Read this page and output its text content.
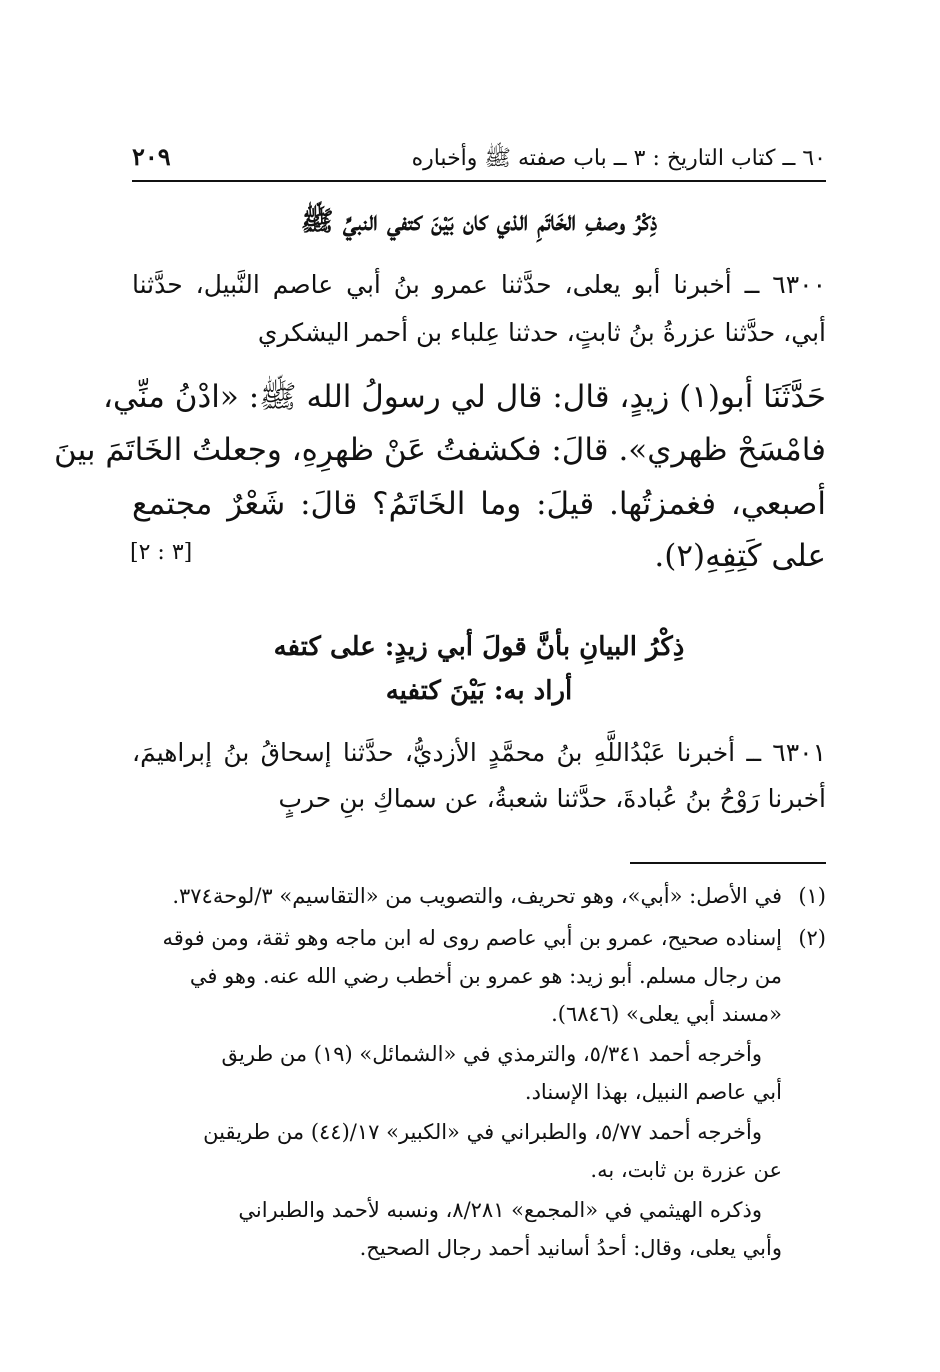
٦٠ ــ كتاب التاريخ : ٣ ــ باب صفته ﷺ وأخباره
٢٠٩
ذِكْرُ وصفِ الخَاتَمِ الذي كان بَيْنَ كتفي النبيِّ ﷺ
٦٣٠٠ ــ أخبرنا أبو يعلى، حدَّثنا عمرو بنُ أبي عاصم النَّبيل، حدَّثنا
أبي، حدَّثنا عزرةُ بنُ ثابتٍ، حدثنا عِلباء بن أحمر اليشكري
حَدَّثَنَا أبو(١) زيدٍ، قال: قال لي رسولُ الله ﷺ: «ادْنُ منِّي،
فامْسَحْ ظهري». قالَ: فكشفتُ عَنْ ظهرِهِ، وجعلتُ الخَاتَمَ بينَ
أصبعي، فغمزتُها. قيلَ: وما الخَاتَمُ؟ قالَ: شَعْرٌ مجتمع
على كَتِفِهِ(٢).
[٣ : ٢]
ذِكْرُ البيانِ بأنَّ قولَ أبي زيدٍ: على كتفه
أراد به: بَيْنَ كتفيه
٦٣٠١ ــ أخبرنا عَبْدُاللَّهِ بنُ محمَّدٍ الأزديُّ، حدَّثنا إسحاقُ بنُ إبراهيمَ،
أخبرنا رَوْحُ بنُ عُبادةَ، حدَّثنا شعبةُ، عن سماكِ بنِ حربٍ
(١)
في الأصل: «أبي»، وهو تحريف، والتصويب من «التقاسيم» ٣/لوحة٣٧٤.
(٢)
إسناده صحيح، عمرو بن أبي عاصم روى له ابن ماجه وهو ثقة، ومن فوقه
من رجال مسلم. أبو زيد: هو عمرو بن أخطب رضي الله عنه. وهو في
«مسند أبي يعلى» (٦٨٤٦).
وأخرجه أحمد ٥/٣٤١، والترمذي في «الشمائل» (١٩) من طريق
أبي عاصم النبيل، بهذا الإسناد.
وأخرجه أحمد ٥/٧٧، والطبراني في «الكبير» ١٧/(٤٤) من طريقين
عن عزرة بن ثابت، به.
وذكره الهيثمي في «المجمع» ٨/٢٨١، ونسبه لأحمد والطبراني
وأبي يعلى، وقال: أحدُ أسانيد أحمد رجال الصحيح.
